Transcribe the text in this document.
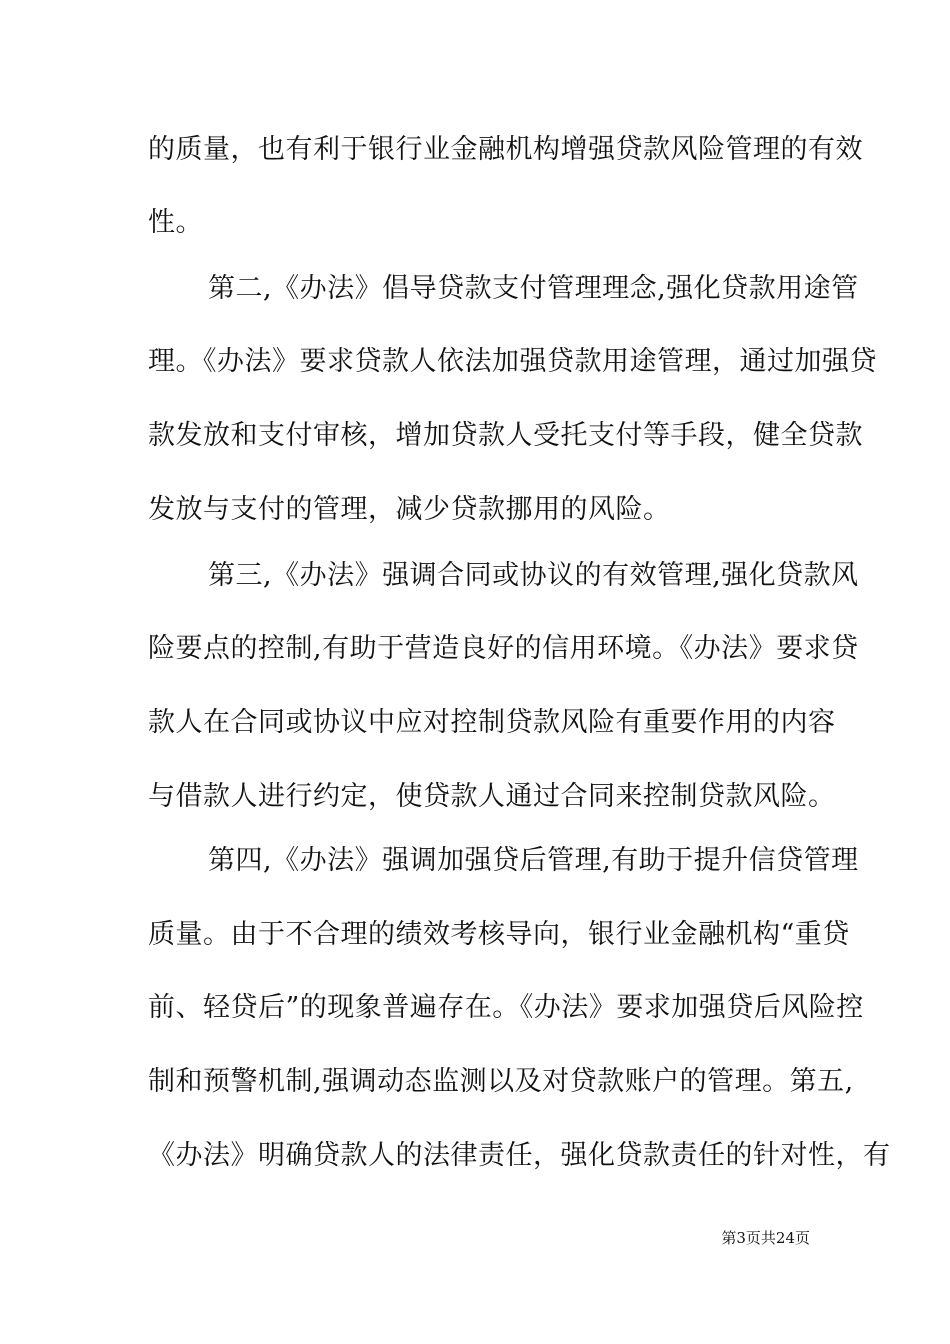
的质量，也有利于银行业金融机构增强贷款风险管理的有效
性。
第二,《办法》倡导贷款支付管理理念,强化贷款用途管
理。《办法》要求贷款人依法加强贷款用途管理，通过加强贷
款发放和支付审核，增加贷款人受托支付等手段，健全贷款
发放与支付的管理，减少贷款挪用的风险。
第三,《办法》强调合同或协议的有效管理,强化贷款风
险要点的控制,有助于营造良好的信用环境。《办法》要求贷
款人在合同或协议中应对控制贷款风险有重要作用的内容
与借款人进行约定，使贷款人通过合同来控制贷款风险。
第四,《办法》强调加强贷后管理,有助于提升信贷管理
质量。由于不合理的绩效考核导向，银行业金融机构“重贷
前、轻贷后”的现象普遍存在。《办法》要求加强贷后风险控
制和预警机制,强调动态监测以及对贷款账户的管理。第五,
《办法》明确贷款人的法律责任，强化贷款责任的针对性，有
第3页共24页
